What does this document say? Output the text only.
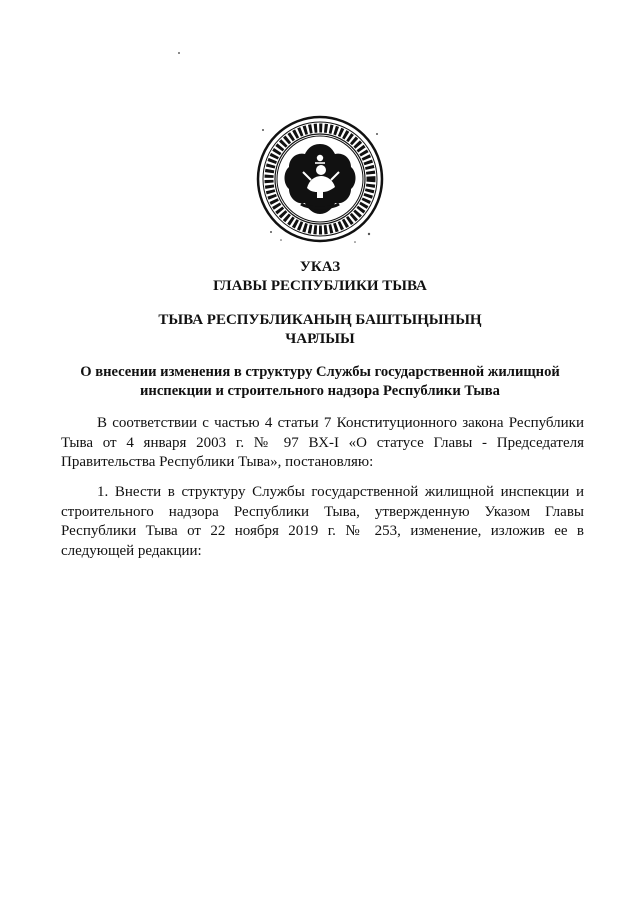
УКАЗ
ГЛАВЫ РЕСПУБЛИКИ ТЫВА
ТЫВА РЕСПУБЛИКАНЫҢ БАШТЫҢЫНЫҢ
ЧАРЛЫЫ
О внесении изменения в структуру Службы государственной жилищной
инспекции и строительного надзора Республики Тыва

В соответствии с частью 4 статьи 7 Конституционного закона Республики Тыва от 4 января 2003 г. № 97 ВХ-I «О статусе Главы - Председателя Правительства Республики Тыва», постановляю:

1. Внести в структуру Службы государственной жилищной инспекции и строительного надзора Республики Тыва, утвержденную Указом Главы Республики Тыва от 22 ноября 2019 г. № 253, изменение, изложив ее в следующей редакции:
